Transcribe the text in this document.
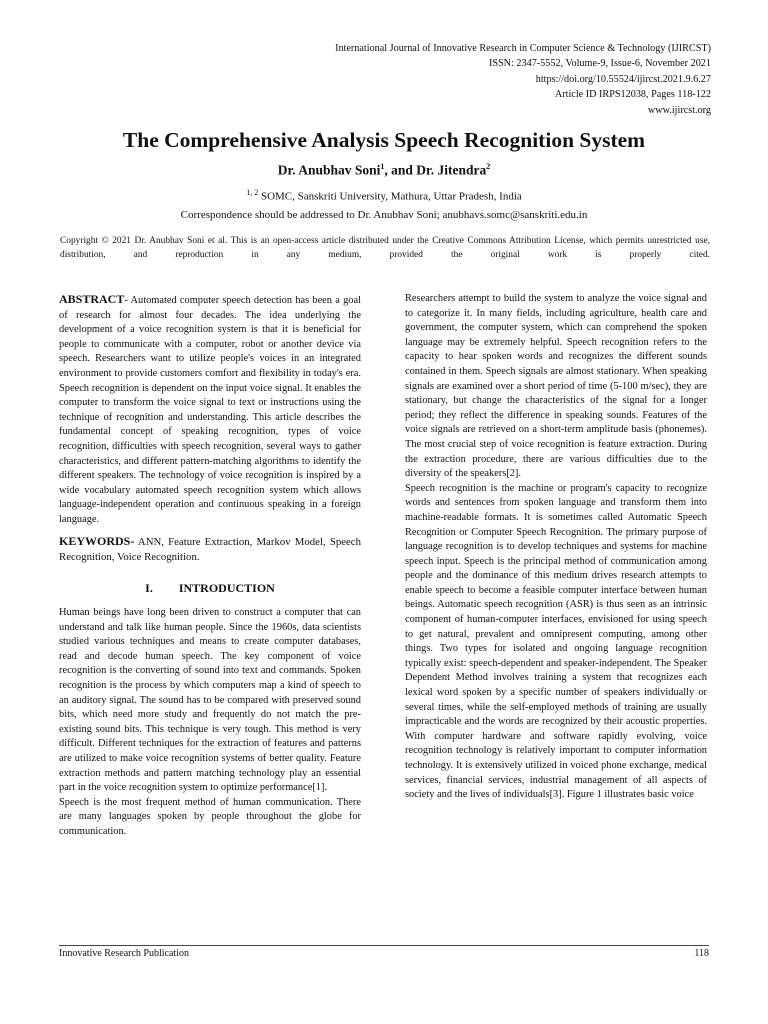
International Journal of Innovative Research in Computer Science & Technology (IJIRCST)
ISSN: 2347-5552, Volume-9, Issue-6, November 2021
https://doi.org/10.55524/ijircst.2021.9.6.27
Article ID IRPS12038, Pages 118-122
www.ijircst.org
The Comprehensive Analysis Speech Recognition System
Dr. Anubhav Soni$^1$, and Dr. Jitendra$^2$
$^{1, 2}$ SOMC, Sanskriti University, Mathura, Uttar Pradesh, India
Correspondence should be addressed to Dr. Anubhav Soni; anubhavs.somc@sanskriti.edu.in
Copyright © 2021 Dr. Anubhav Soni et al. This is an open-access article distributed under the Creative Commons Attribution License, which permits unrestricted use, distribution, and reproduction in any medium, provided the original work is properly cited.

ABSTRACT- Automated computer speech detection has been a goal of research for almost four decades. The idea underlying the development of a voice recognition system is that it is beneficial for people to communicate with a computer, robot or another device via speech. Researchers want to utilize people's voices in an integrated environment to provide customers comfort and flexibility in today's era. Speech recognition is dependent on the input voice signal. It enables the computer to transform the voice signal to text or instructions using the technique of recognition and understanding. This article describes the fundamental concept of speaking recognition, types of voice recognition, difficulties with speech recognition, several ways to gather characteristics, and different pattern-matching algorithms to identify the different speakers. The technology of voice recognition is inspired by a wide vocabulary automated speech recognition system which allows language-independent operation and continuous speaking in a foreign language.

KEYWORDS- ANN, Feature Extraction, Markov Model, Speech Recognition, Voice Recognition.

I. INTRODUCTION

Human beings have long been driven to construct a computer that can understand and talk like human people. Since the 1960s, data scientists studied various techniques and means to create computer databases, read and decode human speech. The key component of voice recognition is the converting of sound into text and commands. Spoken recognition is the process by which computers map a kind of speech to an auditory signal. The sound has to be compared with preserved sound bits, which need more study and frequently do not match the pre-existing sound bits. This technique is very tough. This method is very difficult. Different techniques for the extraction of features and patterns are utilized to make voice recognition systems of better quality. Feature extraction methods and pattern matching technology play an essential part in the voice recognition system to optimize performance[1].

Speech is the most frequent method of human communication. There are many languages spoken by people throughout the globe for communication.

Researchers attempt to build the system to analyze the voice signal and to categorize it. In many fields, including agriculture, health care and government, the computer system, which can comprehend the spoken language may be extremely helpful. Speech recognition refers to the capacity to hear spoken words and recognizes the different sounds contained in them. Speech signals are almost stationary. When speaking signals are examined over a short period of time (5-100 m/sec), they are stationary, but change the characteristics of the signal for a longer period; they reflect the difference in speaking sounds. Features of the voice signals are retrieved on a short-term amplitude basis (phonemes). The most crucial step of voice recognition is feature extraction. During the extraction procedure, there are various difficulties due to the diversity of the speakers[2].

Speech recognition is the machine or program's capacity to recognize words and sentences from spoken language and transform them into machine-readable formats. It is sometimes called Automatic Speech Recognition or Computer Speech Recognition. The primary purpose of language recognition is to develop techniques and systems for machine speech input. Speech is the principal method of communication among people and the dominance of this medium drives research attempts to enable speech to become a feasible computer interface between human beings. Automatic speech recognition (ASR) is thus seen as an intrinsic component of human-computer interfaces, envisioned for using speech to get natural, prevalent and omnipresent computing, among other things. Two types for isolated and ongoing language recognition typically exist: speech-dependent and speaker-independent. The Speaker Dependent Method involves training a system that recognizes each lexical word spoken by a specific number of speakers individually or several times, while the self-employed methods of training are usually impracticable and the words are recognized by their acoustic properties. With computer hardware and software rapidly evolving, voice recognition technology is relatively important to computer information technology. It is extensively utilized in voiced phone exchange, medical services, financial services, industrial management of all aspects of society and the lives of individuals[3]. Figure 1 illustrates basic voice

Innovative Research Publication	118
